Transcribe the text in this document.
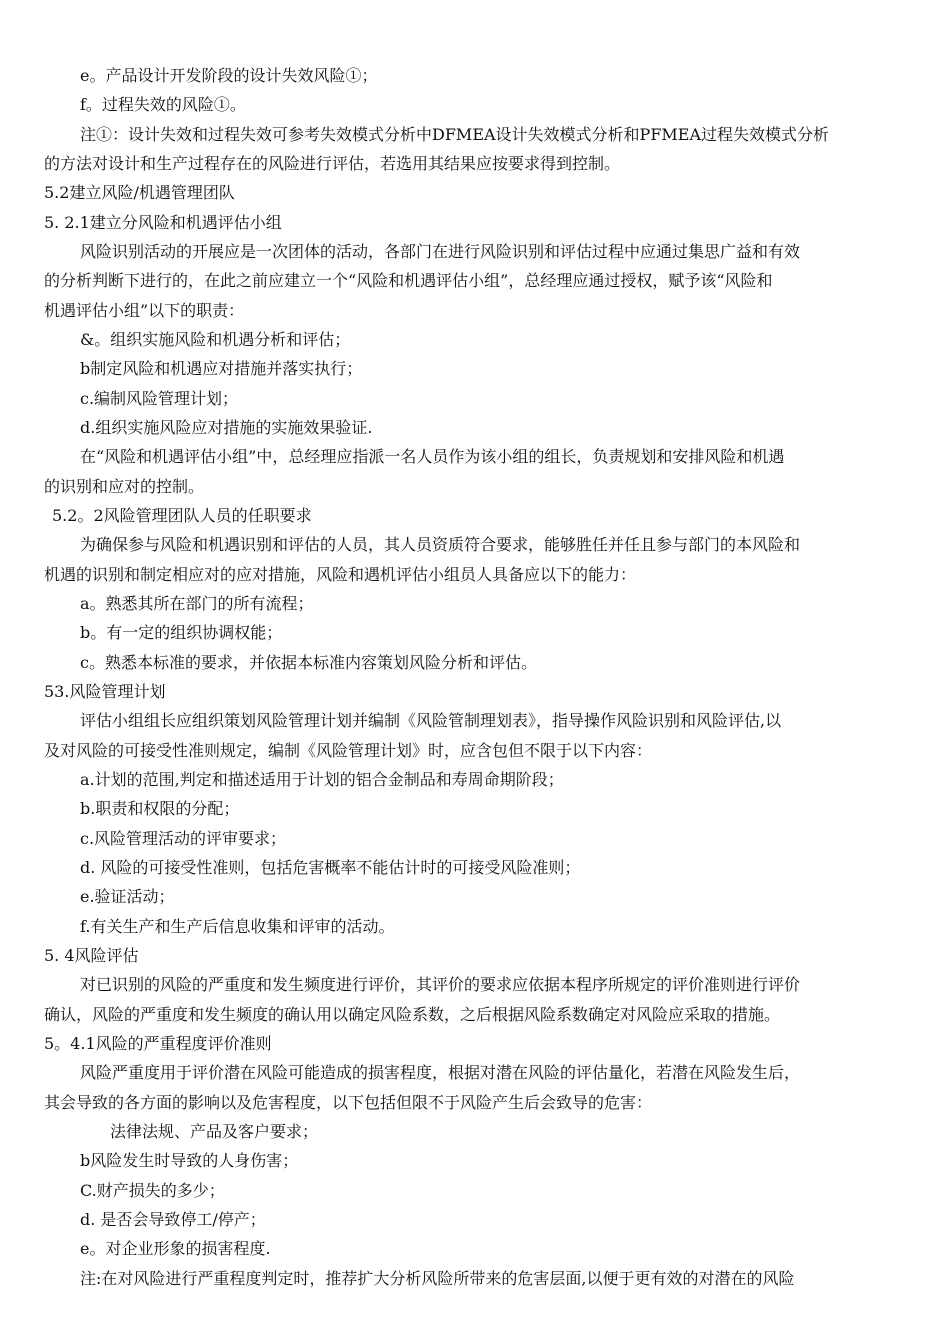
e。产品设计开发阶段的设计失效风险①；
f。过程失效的风险①。
注①：设计失效和过程失效可参考失效模式分析中DFMEA设计失效模式分析和PFMEA过程失效模式分析
的方法对设计和生产过程存在的风险进行评估，若选用其结果应按要求得到控制。
5.2建立风险/机遇管理团队
5. 2.1建立分风险和机遇评估小组
风险识别活动的开展应是一次团体的活动，各部门在进行风险识别和评估过程中应通过集思广益和有效
的分析判断下进行的，在此之前应建立一个“风险和机遇评估小组”，总经理应通过授权，赋予该“风险和
机遇评估小组”以下的职责：
&。组织实施风险和机遇分析和评估；
b制定风险和机遇应对措施并落实执行；
c.编制风险管理计划；
d.组织实施风险应对措施的实施效果验证.
在“风险和机遇评估小组”中，总经理应指派一名人员作为该小组的组长，负责规划和安排风险和机遇
的识别和应对的控制。
5.2。2风险管理团队人员的任职要求
为确保参与风险和机遇识别和评估的人员，其人员资质符合要求，能够胜任并任且参与部门的本风险和
机遇的识别和制定相应对的应对措施，风险和遇机评估小组员人具备应以下的能力：
a。熟悉其所在部门的所有流程；
b。有一定的组织协调权能；
c。熟悉本标准的要求，并依据本标准内容策划风险分析和评估。
53.风险管理计划
评估小组组长应组织策划风险管理计划并编制《风险管制理划表》，指导操作风险识别和风险评估,以
及对风险的可接受性准则规定，编制《风险管理计划》时，应含包但不限于以下内容：
a.计划的范围,判定和描述适用于计划的铝合金制品和寿周命期阶段；
b.职责和权限的分配；
c.风险管理活动的评审要求；
d. 风险的可接受性准则，包括危害概率不能估计时的可接受风险准则；
e.验证活动；
f.有关生产和生产后信息收集和评审的活动。
5. 4风险评估
对已识别的风险的严重度和发生频度进行评价，其评价的要求应依据本程序所规定的评价准则进行评价
确认，风险的严重度和发生频度的确认用以确定风险系数，之后根据风险系数确定对风险应采取的措施。
5。4.1风险的严重程度评价准则
风险严重度用于评价潜在风险可能造成的损害程度，根据对潜在风险的评估量化，若潜在风险发生后，
其会导致的各方面的影响以及危害程度，以下包括但限不于风险产生后会致导的危害：
法律法规、产品及客户要求；
b风险发生时导致的人身伤害；
C.财产损失的多少；
d. 是否会导致停工/停产；
e。对企业形象的损害程度.
注:在对风险进行严重程度判定时，推荐扩大分析风险所带来的危害层面,以便于更有效的对潜在的风险
